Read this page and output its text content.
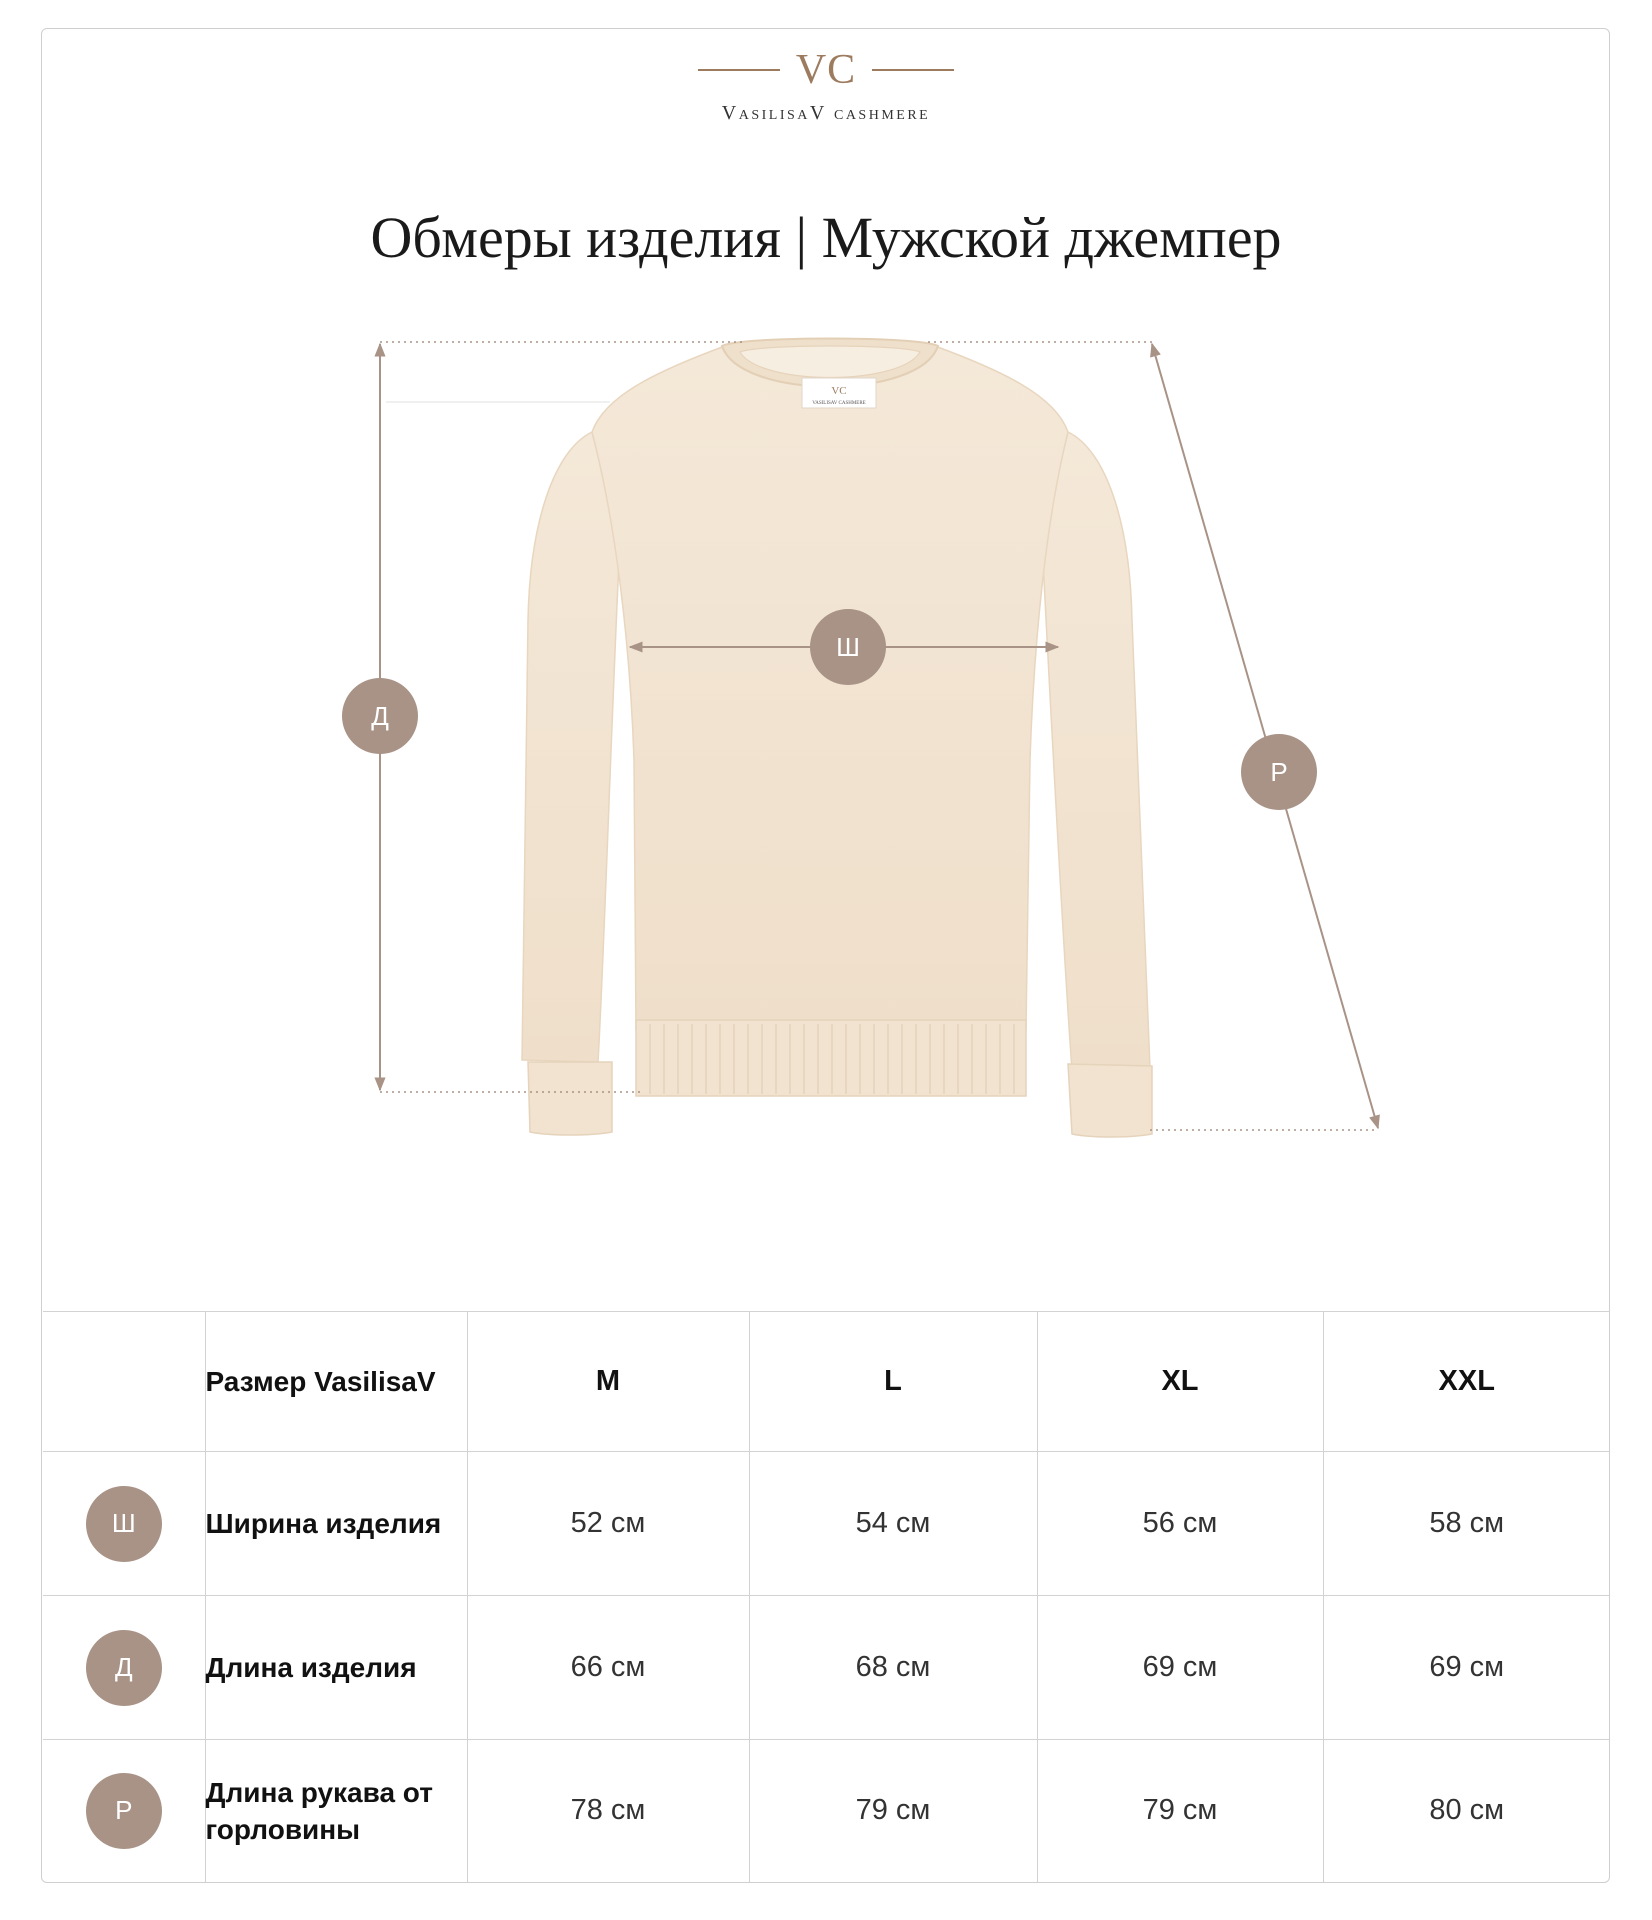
VC
VasilisaV cashmere
Обмеры изделия | Мужской джемпер
VC
VASILISAV CASHMERE
Ш
Д
Р
	Размер VasilisaV	M	L	XL	XXL

Ш	Ширина изделия	52 см	54 см	56 см	58 см

Д	Длина изделия	66 см	68 см	69 см	69 см

Р	Длина рукава от горловины	78 см	79 см	79 см	80 см
